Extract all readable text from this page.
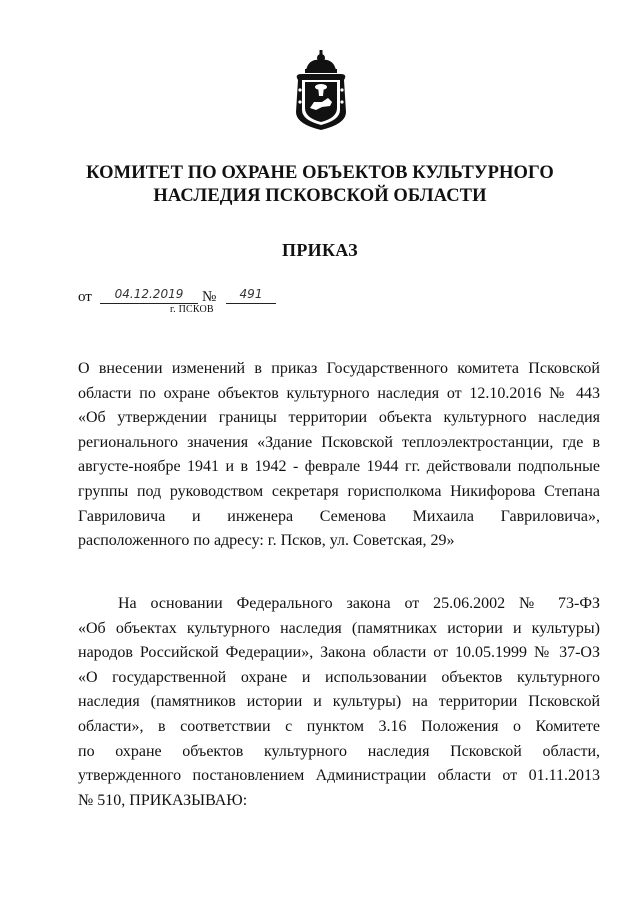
КОМИТЕТ ПО ОХРАНЕ ОБЪЕКТОВ КУЛЬТУРНОГО
НАСЛЕДИЯ ПСКОВСКОЙ ОБЛАСТИ
ПРИКАЗ
от	04.12.2019	№	491
г. ПСКОВ
О внесении изменений в приказ Государственного комитета Псковской
области по охране объектов культурного наследия от 12.10.2016 № 443
«Об утверждении границы территории объекта культурного наследия
регионального значения «Здание Псковской теплоэлектростанции, где в
августе-ноябре 1941 и в 1942 - феврале 1944 гг. действовали подпольные
группы под руководством секретаря горисполкома Никифорова Степана
Гавриловича и инженера Семенова Михаила Гавриловича»,
расположенного по адресу: г. Псков, ул. Советская, 29»
На основании Федерального закона от 25.06.2002 № 73-ФЗ
«Об объектах культурного наследия (памятниках истории и культуры)
народов Российской Федерации», Закона области от 10.05.1999 № 37-ОЗ
«О государственной охране и использовании объектов культурного
наследия (памятников истории и культуры) на территории Псковской
области», в соответствии с пунктом 3.16 Положения о Комитете
по охране объектов культурного наследия Псковской области,
утвержденного постановлением Администрации области от 01.11.2013
№ 510, ПРИКАЗЫВАЮ:
